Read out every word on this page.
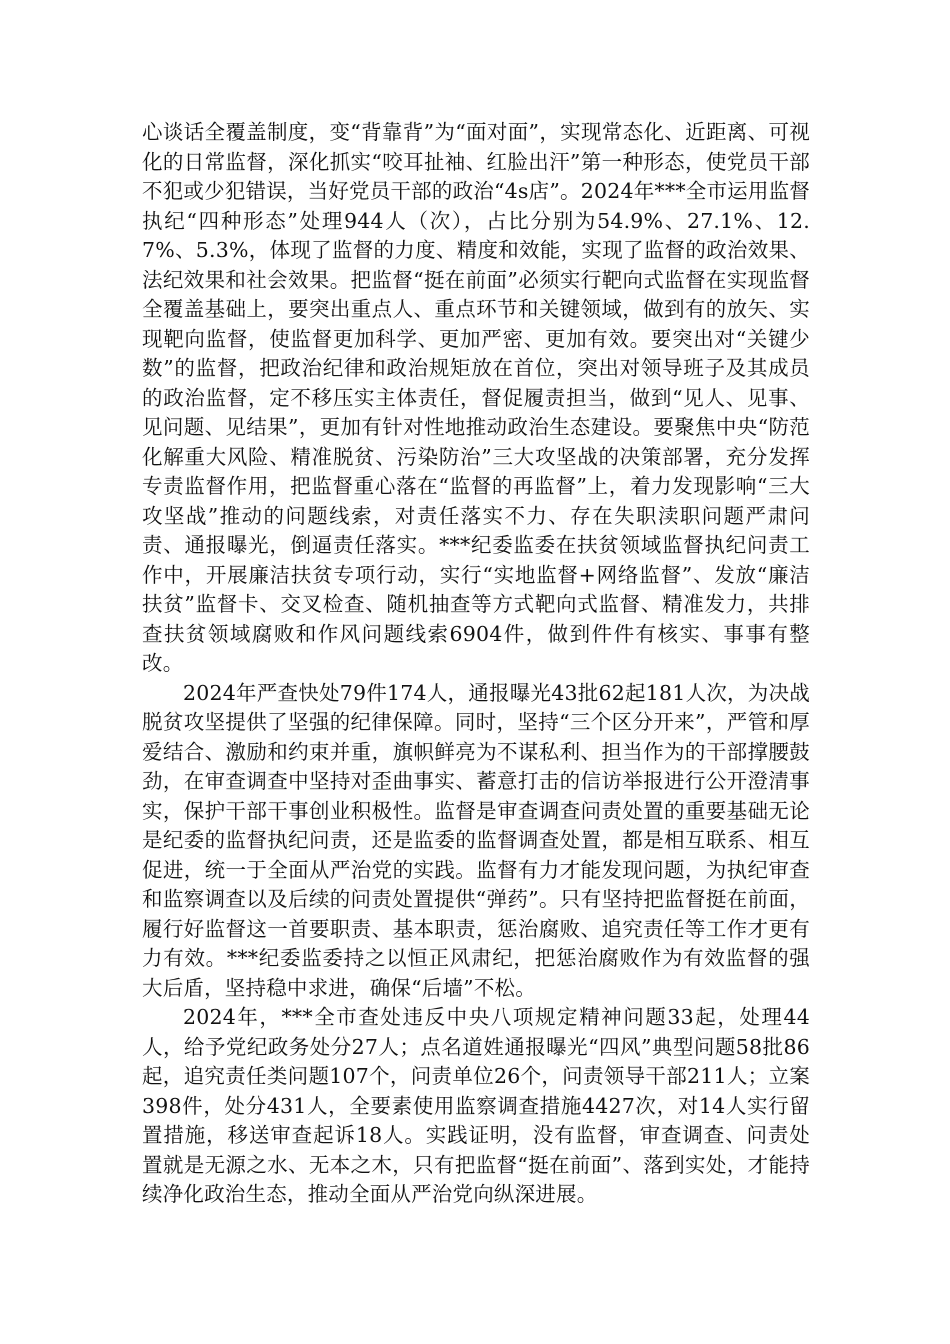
心谈话全覆盖制度，变“背靠背”为“面对面”，实现常态化、近距离、可视化的日常监督，深化抓实“咬耳扯袖、红脸出汗”第一种形态，使党员干部不犯或少犯错误，当好党员干部的政治“4s店”。2024年***全市运用监督执纪“四种形态”处理944人（次），占比分别为54.9%、27.1%、12.7%、5.3%，体现了监督的力度、精度和效能，实现了监督的政治效果、法纪效果和社会效果。把监督“挺在前面”必须实行靶向式监督在实现监督全覆盖基础上，要突出重点人、重点环节和关键领域，做到有的放矢、实现靶向监督，使监督更加科学、更加严密、更加有效。要突出对“关键少数”的监督，把政治纪律和政治规矩放在首位，突出对领导班子及其成员的政治监督，定不移压实主体责任，督促履责担当，做到“见人、见事、见问题、见结果”，更加有针对性地推动政治生态建设。要聚焦中央“防范化解重大风险、精准脱贫、污染防治”三大攻坚战的决策部署，充分发挥专责监督作用，把监督重心落在“监督的再监督”上，着力发现影响“三大攻坚战”推动的问题线索，对责任落实不力、存在失职渎职问题严肃问责、通报曝光，倒逼责任落实。***纪委监委在扶贫领域监督执纪问责工作中，开展廉洁扶贫专项行动，实行“实地监督+网络监督”、发放“廉洁扶贫”监督卡、交叉检查、随机抽查等方式靶向式监督、精准发力，共排查扶贫领域腐败和作风问题线索6904件，做到件件有核实、事事有整改。

2024年严查快处79件174人，通报曝光43批62起181人次，为决战脱贫攻坚提供了坚强的纪律保障。同时，坚持“三个区分开来”，严管和厚爱结合、激励和约束并重，旗帜鲜亮为不谋私利、担当作为的干部撑腰鼓劲，在审查调查中坚持对歪曲事实、蓄意打击的信访举报进行公开澄清事实，保护干部干事创业积极性。监督是审查调查问责处置的重要基础无论是纪委的监督执纪问责，还是监委的监督调查处置，都是相互联系、相互促进，统一于全面从严治党的实践。监督有力才能发现问题，为执纪审查和监察调查以及后续的问责处置提供“弹药”。只有坚持把监督挺在前面，履行好监督这一首要职责、基本职责，惩治腐败、追究责任等工作才更有力有效。***纪委监委持之以恒正风肃纪，把惩治腐败作为有效监督的强大后盾，坚持稳中求进，确保“后墙”不松。

2024年，***全市查处违反中央八项规定精神问题33起，处理44人，给予党纪政务处分27人；点名道姓通报曝光“四风”典型问题58批86起，追究责任类问题107个，问责单位26个，问责领导干部211人；立案398件，处分431人，全要素使用监察调查措施4427次，对14人实行留置措施，移送审查起诉18人。实践证明，没有监督，审查调查、问责处置就是无源之水、无本之木，只有把监督“挺在前面”、落到实处，才能持续净化政治生态，推动全面从严治党向纵深进展。
